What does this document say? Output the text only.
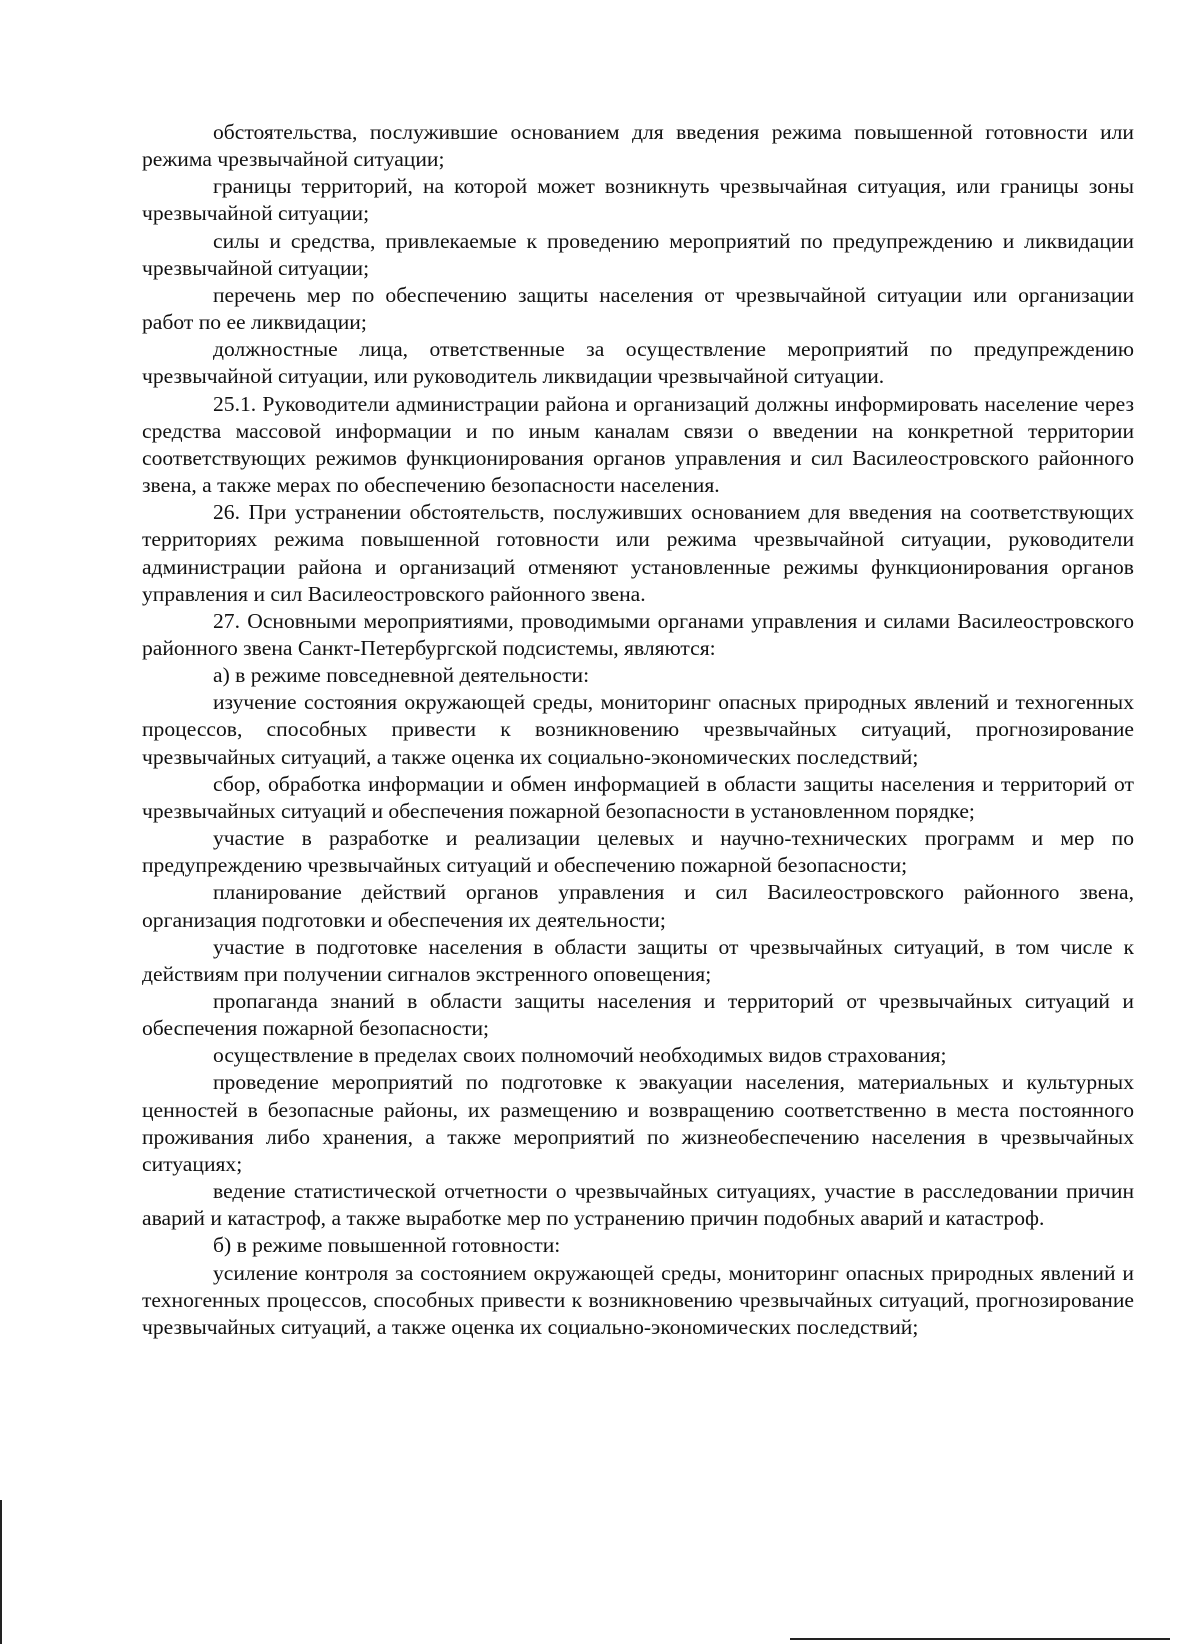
обстоятельства, послужившие основанием для введения режима повышенной готовности или режима чрезвычайной ситуации;

границы территорий, на которой может возникнуть чрезвычайная ситуация, или границы зоны чрезвычайной ситуации;

силы и средства, привлекаемые к проведению мероприятий по предупреждению и ликвидации чрезвычайной ситуации;

перечень мер по обеспечению защиты населения от чрезвычайной ситуации или организации работ по ее ликвидации;

должностные лица, ответственные за осуществление мероприятий по предупреждению чрезвычайной ситуации, или руководитель ликвидации чрезвычайной ситуации.

25.1. Руководители администрации района и организаций должны информировать население через средства массовой информации и по иным каналам связи о введении на конкретной территории соответствующих режимов функционирования органов управления и сил Василеостровского районного звена, а также мерах по обеспечению безопасности населения.

26. При устранении обстоятельств, послуживших основанием для введения на соответствующих территориях режима повышенной готовности или режима чрезвычайной ситуации, руководители администрации района и организаций отменяют установленные режимы функционирования органов управления и сил Василеостровского районного звена.

27. Основными мероприятиями, проводимыми органами управления и силами Василеостровского районного звена Санкт-Петербургской подсистемы, являются:

а) в режиме повседневной деятельности:

изучение состояния окружающей среды, мониторинг опасных природных явлений и техногенных процессов, способных привести к возникновению чрезвычайных ситуаций, прогнозирование чрезвычайных ситуаций, а также оценка их социально-экономических последствий;

сбор, обработка информации и обмен информацией в области защиты населения и территорий от чрезвычайных ситуаций и обеспечения пожарной безопасности в установленном порядке;

участие в разработке и реализации целевых и научно-технических программ и мер по предупреждению чрезвычайных ситуаций и обеспечению пожарной безопасности;

планирование действий органов управления и сил Василеостровского районного звена, организация подготовки и обеспечения их деятельности;

участие в подготовке населения в области защиты от чрезвычайных ситуаций, в том числе к действиям при получении сигналов экстренного оповещения;

пропаганда знаний в области защиты населения и территорий от чрезвычайных ситуаций и обеспечения пожарной безопасности;

осуществление в пределах своих полномочий необходимых видов страхования;

проведение мероприятий по подготовке к эвакуации населения, материальных и культурных ценностей в безопасные районы, их размещению и возвращению соответственно в места постоянного проживания либо хранения, а также мероприятий по жизнеобеспечению населения в чрезвычайных ситуациях;

ведение статистической отчетности о чрезвычайных ситуациях, участие в расследовании причин аварий и катастроф, а также выработке мер по устранению причин подобных аварий и катастроф.

б) в режиме повышенной готовности:

усиление контроля за состоянием окружающей среды, мониторинг опасных природных явлений и техногенных процессов, способных привести к возникновению чрезвычайных ситуаций, прогнозирование чрезвычайных ситуаций, а также оценка их социально-экономических последствий;
